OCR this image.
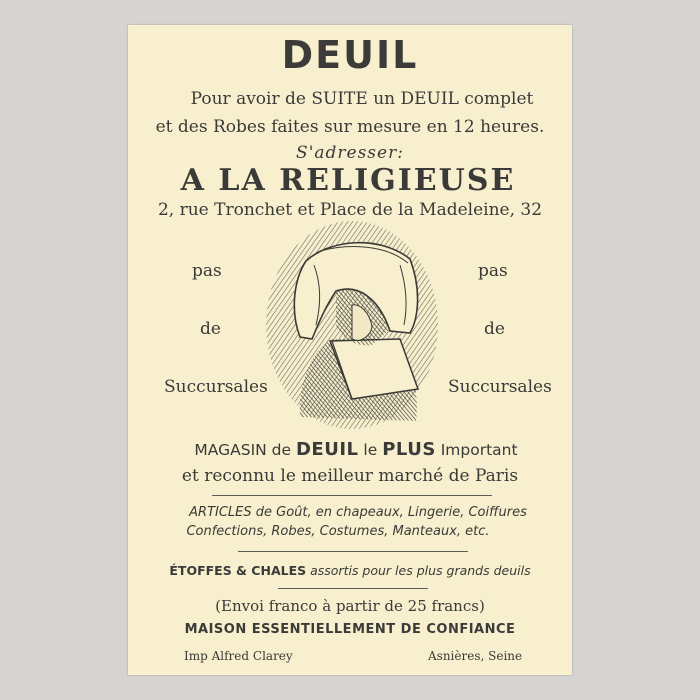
DEUIL
Pour avoir de SUITE un DEUIL complet
et des Robes faites sur mesure en 12 heures.
S'adresser:
A LA RELIGIEUSE
2, rue Tronchet et Place de la Madeleine, 32
pas
de
Succursales
pas
de
Succursales
MAGASIN de DEUIL le PLUS Important
et reconnu le meilleur marché de Paris
ARTICLES de Goût, en chapeaux, Lingerie, Coiffures
Confections, Robes, Costumes, Manteaux, etc.
ÉTOFFES & CHALES assortis pour les plus grands deuils
(Envoi franco à partir de 25 francs)
MAISON ESSENTIELLEMENT DE CONFIANCE
Imp Alfred Clarey	Asnières, Seine
